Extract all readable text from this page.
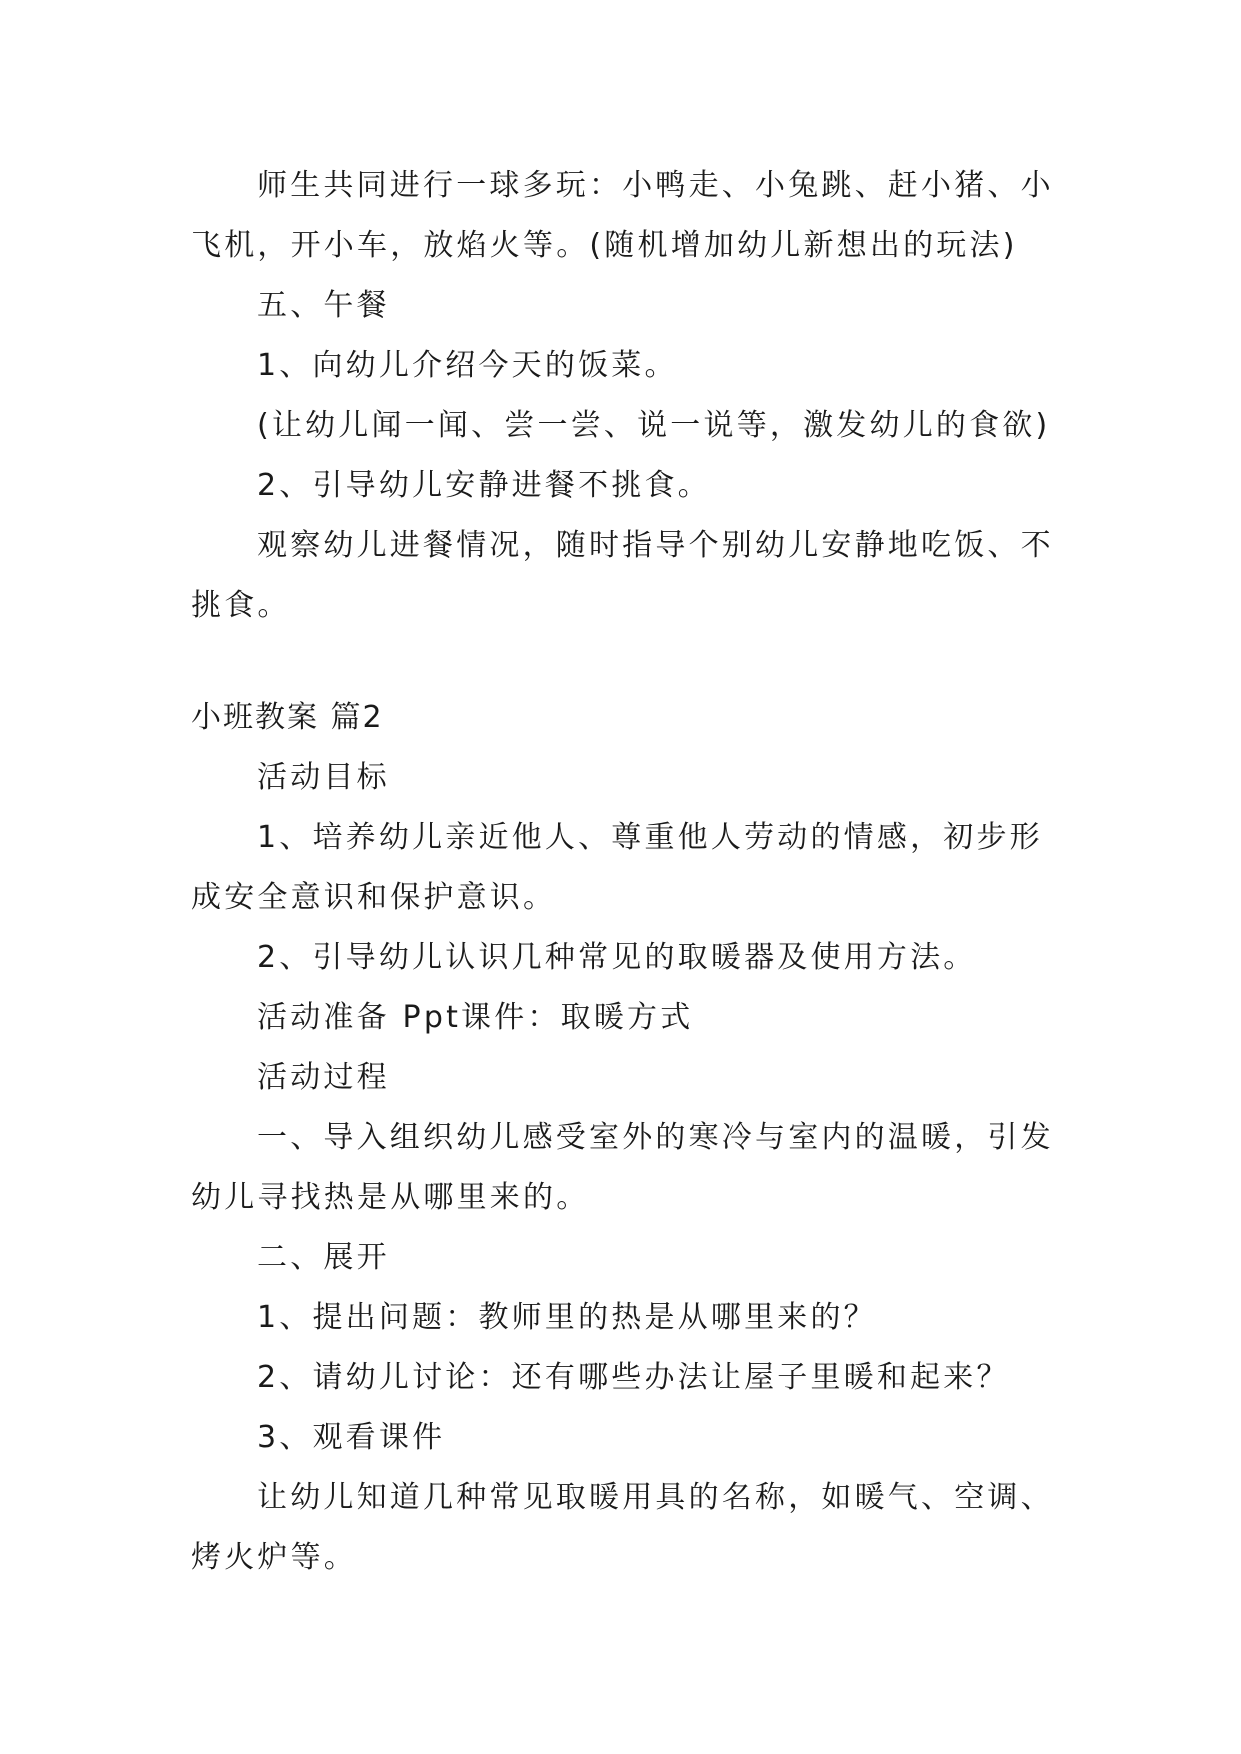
师生共同进行一球多玩：小鸭走、小兔跳、赶小猪、小
飞机，开小车，放焰火等。(随机增加幼儿新想出的玩法)
五、午餐
1、向幼儿介绍今天的饭菜。
(让幼儿闻一闻、尝一尝、说一说等，激发幼儿的食欲)
2、引导幼儿安静进餐不挑食。
观察幼儿进餐情况，随时指导个别幼儿安静地吃饭、不
挑食。
小班教案 篇2
活动目标
1、培养幼儿亲近他人、尊重他人劳动的情感，初步形
成安全意识和保护意识。
2、引导幼儿认识几种常见的取暖器及使用方法。
活动准备 Ppt课件：取暖方式
活动过程
一、导入组织幼儿感受室外的寒冷与室内的温暖，引发
幼儿寻找热是从哪里来的。
二、展开
1、提出问题：教师里的热是从哪里来的？
2、请幼儿讨论：还有哪些办法让屋子里暖和起来？
3、观看课件
让幼儿知道几种常见取暖用具的名称，如暖气、空调、
烤火炉等。
